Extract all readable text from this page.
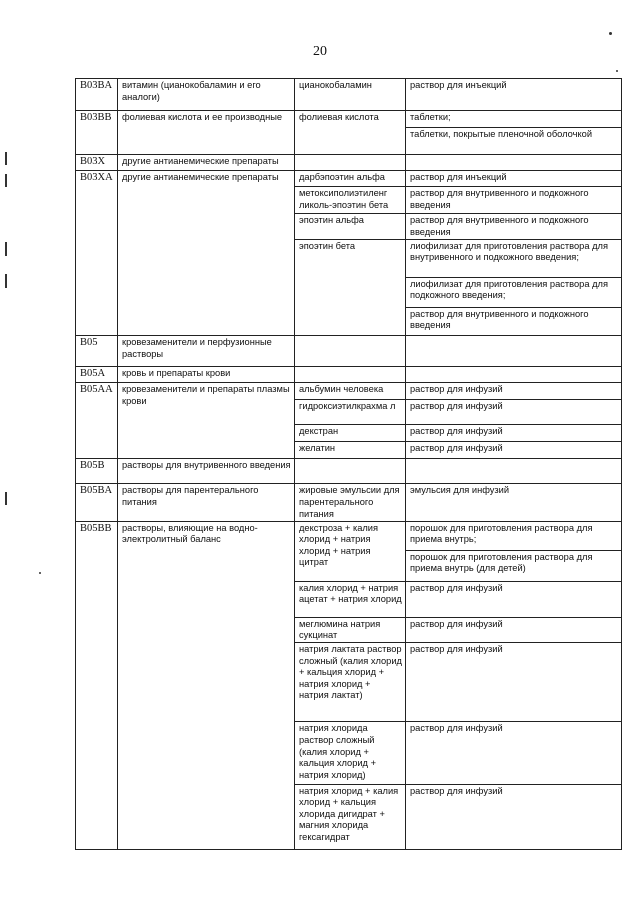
20
B03BA	витамин (цианокобаламин и его аналоги)	цианокобаламин	раствор для инъекций
B03BB	фолиевая кислота и ее производные	фолиевая кислота	таблетки;
			таблетки, покрытые пленочной оболочкой
B03X	другие антианемические препараты		
B03XA	другие антианемические препараты	дарбэпоэтин альфа	раствор для инъекций
		метоксиполиэтиленг ликоль-эпоэтин бета	раствор для внутривенного и подкожного введения
		эпоэтин альфа	раствор для внутривенного и подкожного введения
		эпоэтин бета	лиофилизат для приготовления раствора для внутривенного и подкожного введения;
			лиофилизат для приготовления раствора для подкожного введения;
			раствор для внутривенного и подкожного введения
B05	кровезаменители и перфузионные растворы		
B05A	кровь и препараты крови		
B05AA	кровезаменители и препараты плазмы крови	альбумин человека	раствор для инфузий
		гидроксиэтилкрахма л	раствор для инфузий
		декстран	раствор для инфузий
		желатин	раствор для инфузий
B05B	растворы для внутривенного введения		
B05BA	растворы для парентерального питания	жировые эмульсии для парентерального питания	эмульсия для инфузий
B05BB	растворы, влияющие на водно-электролитный баланс	декстроза + калия хлорид + натрия хлорид + натрия цитрат	порошок для приготовления раствора для приема внутрь;
			порошок для приготовления раствора для приема внутрь (для детей)
		калия хлорид + натрия ацетат + натрия хлорид	раствор для инфузий
		меглюмина натрия сукцинат	раствор для инфузий
		натрия лактата раствор сложный (калия хлорид + кальция хлорид + натрия хлорид + натрия лактат)	раствор для инфузий
		натрия хлорида раствор сложный (калия хлорид + кальция хлорид + натрия хлорид)	раствор для инфузий
		натрия хлорид + калия хлорид + кальция хлорида дигидрат + магния хлорида гексагидрат	раствор для инфузий
